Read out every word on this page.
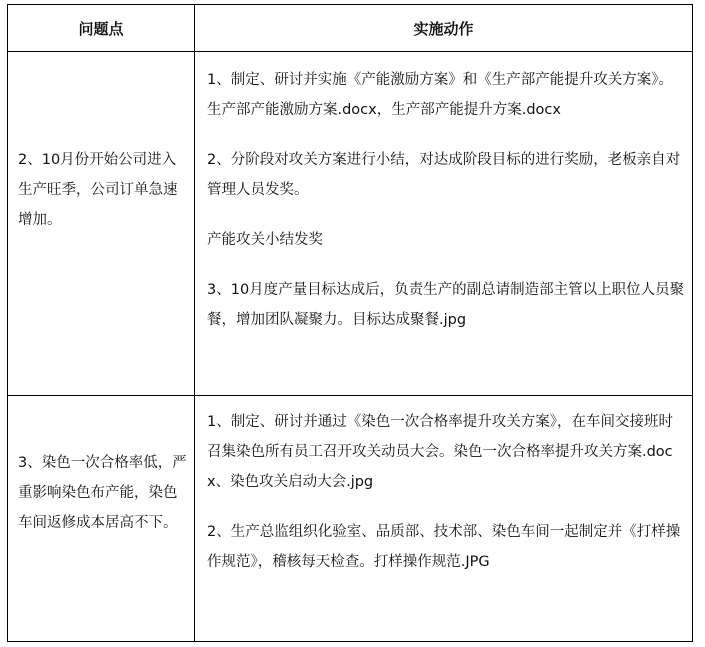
问题点	实施动作
2、10月份开始公司进入生产旺季，公司订单急速增加。

1、制定、研讨并实施《产能激励方案》和《生产部产能提升攻关方案》。生产部产能激励方案.docx，生产部产能提升方案.docx

2、分阶段对攻关方案进行小结，对达成阶段目标的进行奖励，老板亲自对管理人员发奖。

产能攻关小结发奖

3、10月度产量目标达成后，负责生产的副总请制造部主管以上职位人员聚餐，增加团队凝聚力。目标达成聚餐.jpg

3、染色一次合格率低，严重影响染色布产能，染色车间返修成本居高不下。

1、制定、研讨并通过《染色一次合格率提升攻关方案》，在车间交接班时召集染色所有员工召开攻关动员大会。染色一次合格率提升攻关方案.docx、染色攻关启动大会.jpg

2、生产总监组织化验室、品质部、技术部、染色车间一起制定并《打样操作规范》，稽核每天检查。打样操作规范.JPG
